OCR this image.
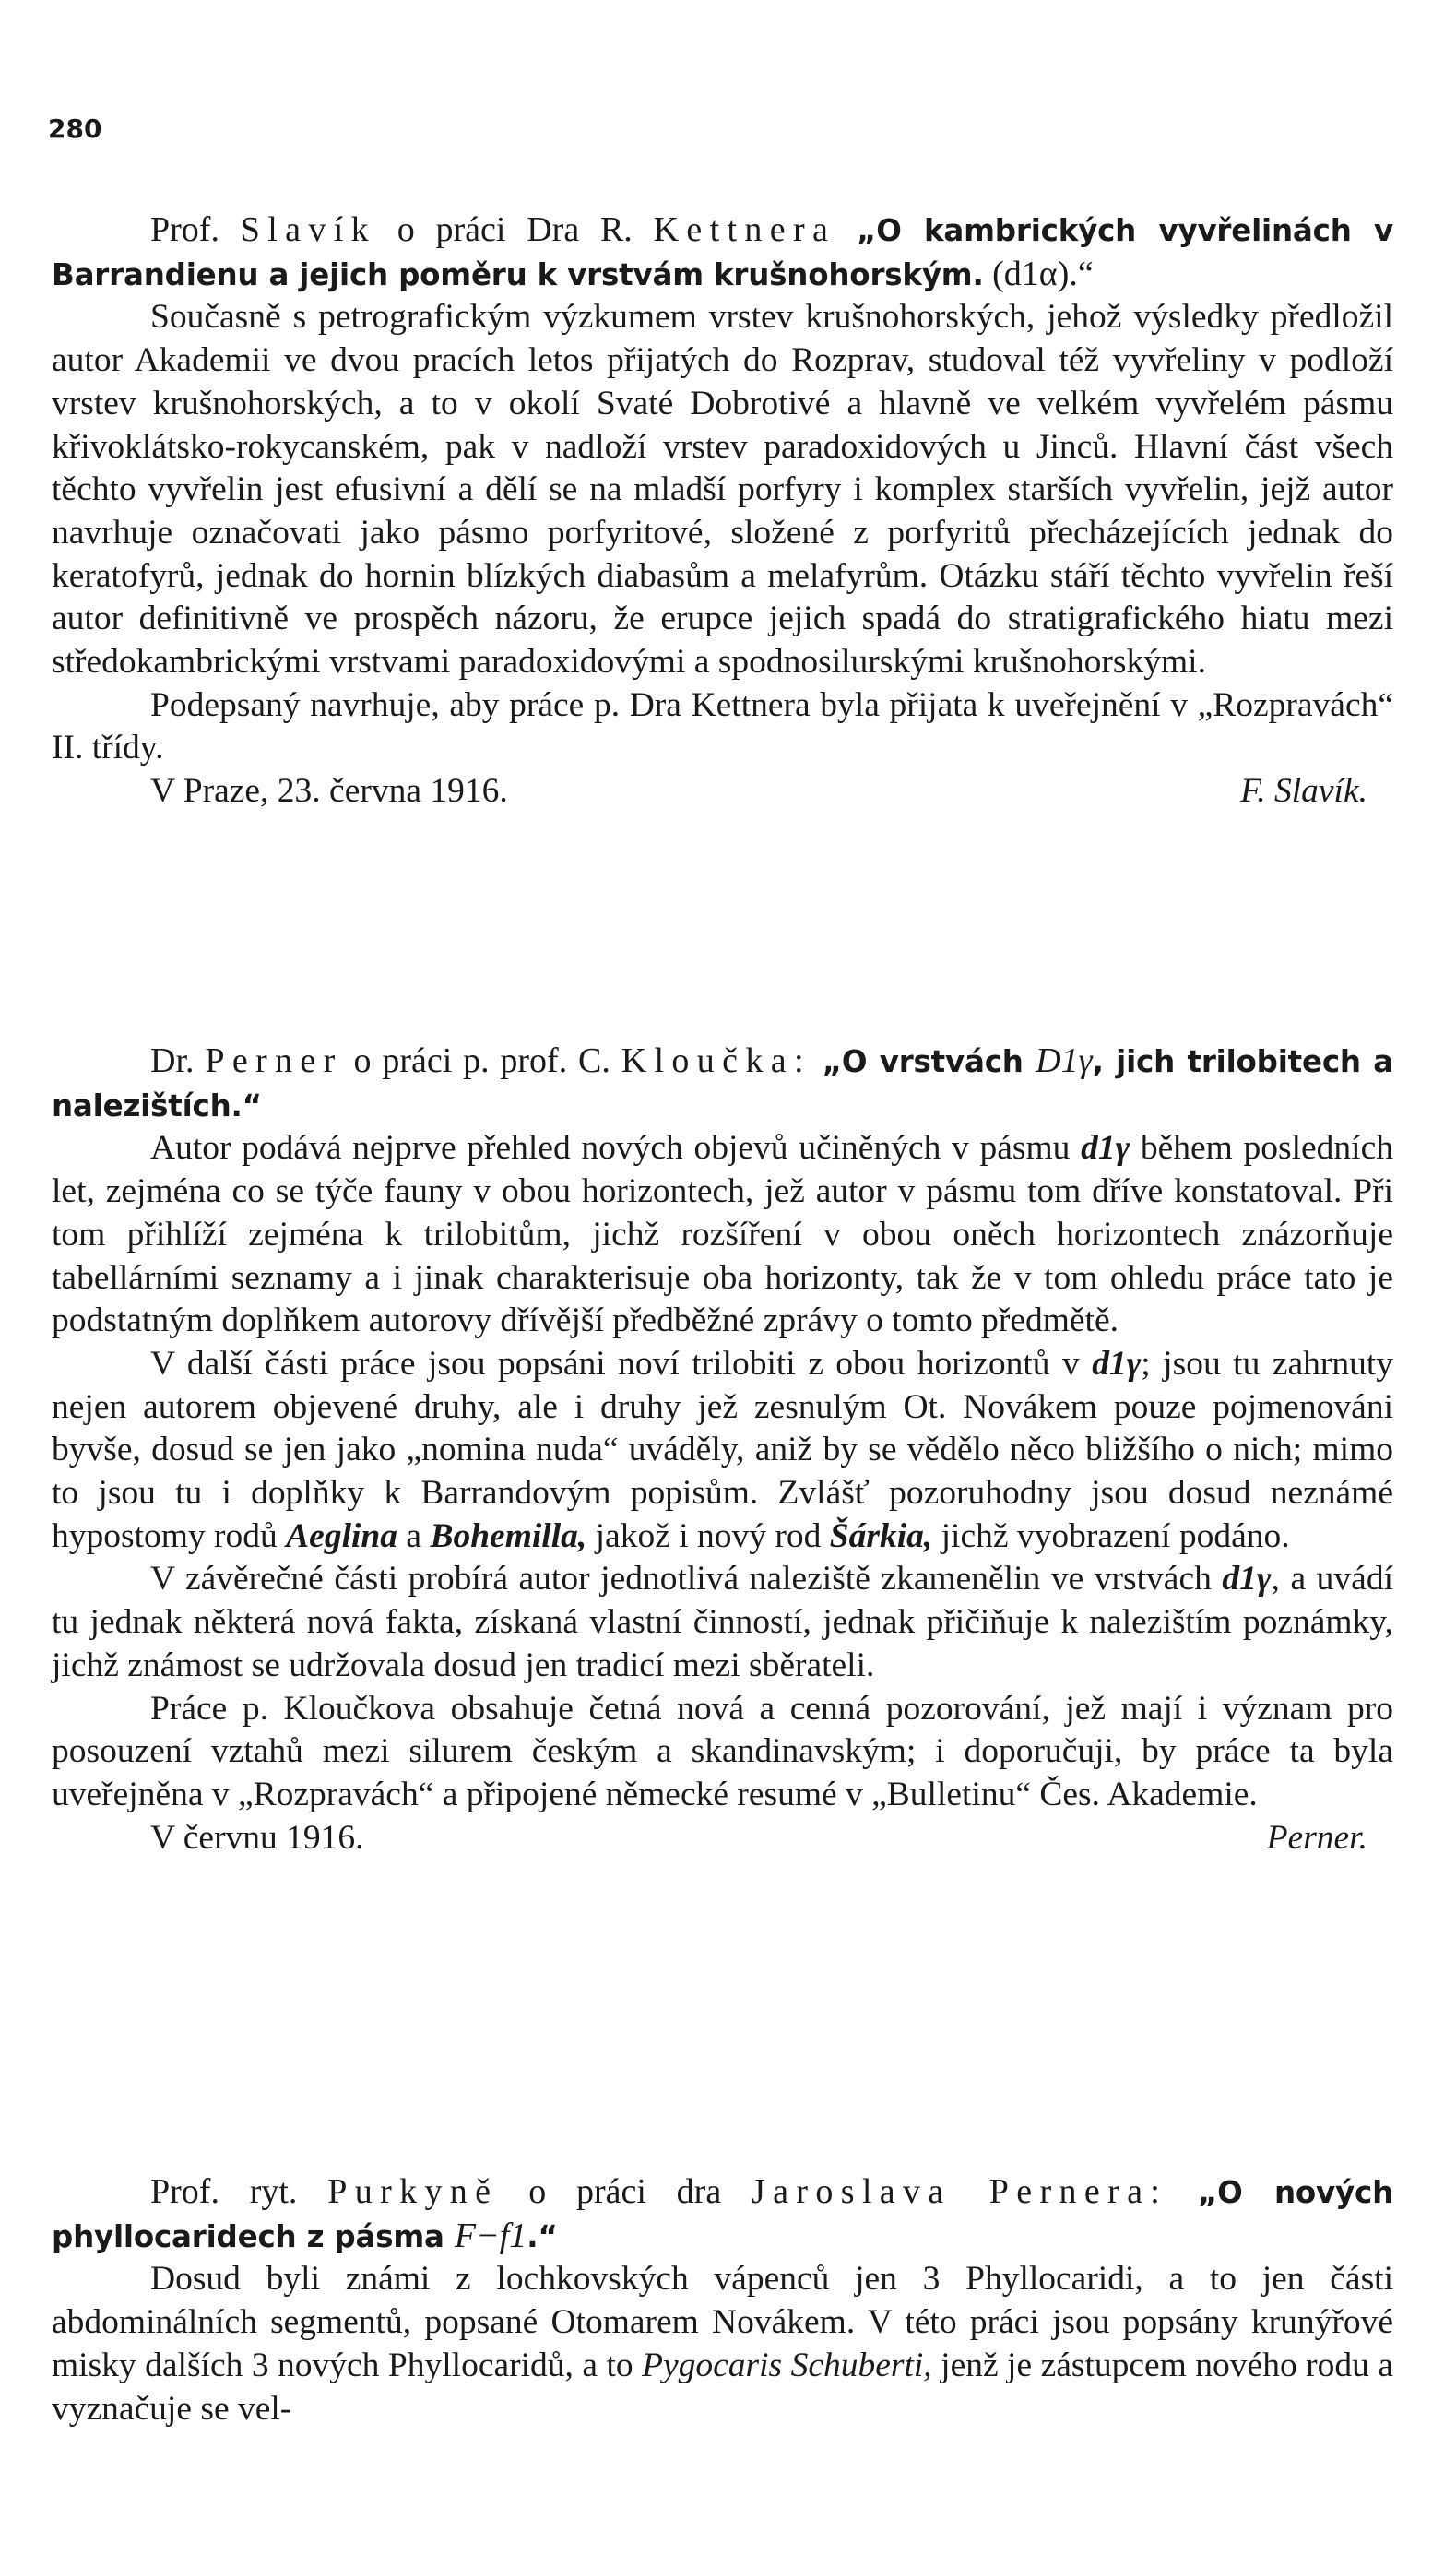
280

Prof. Slavík o práci Dra R. Kettnera „O kambrických vyvřelinách v Barrandienu a jejich poměru k vrstvám krušnohorským. (d1α).“

Současně s petrografickým výzkumem vrstev krušnohorských, jehož výsledky předložil autor Akademii ve dvou pracích letos přijatých do Rozprav, studoval též vyvřeliny v podloží vrstev krušnohorských, a to v okolí Svaté Dobrotivé a hlavně ve velkém vyvřelém pásmu křivoklátsko-rokycanském, pak v nadloží vrstev paradoxidových u Jinců. Hlavní část všech těchto vyvřelin jest efusivní a dělí se na mladší porfyry i komplex starších vyvřelin, jejž autor navrhuje označovati jako pásmo porfyritové, složené z porfyritů přecházejících jednak do keratofyrů, jednak do hornin blízkých diabasům a melafyrům. Otázku stáří těchto vyvřelin řeší autor definitivně ve prospěch názoru, že erupce jejich spadá do stratigrafického hiatu mezi středokambrickými vrstvami paradoxidovými a spodnosilurskými krušnohorskými.

Podepsaný navrhuje, aby práce p. Dra Kettnera byla přijata k uveřejnění v „Rozpravách“ II. třídy.

V Praze, 23. června 1916.	F. Slavík.

Dr. Perner o práci p. prof. C. Kloučka: „O vrstvách D1γ, jich trilobitech a nalezištích.“

Autor podává nejprve přehled nových objevů učiněných v pásmu d1γ během posledních let, zejména co se týče fauny v obou horizontech, jež autor v pásmu tom dříve konstatoval. Při tom přihlíží zejména k trilobitům, jichž rozšíření v obou oněch horizontech znázorňuje tabellárními seznamy a i jinak charakterisuje oba horizonty, tak že v tom ohledu práce tato je podstatným doplňkem autorovy dřívější předběžné zprávy o tomto předmětě.

V další části práce jsou popsáni noví trilobiti z obou horizontů v d1γ; jsou tu zahrnuty nejen autorem objevené druhy, ale i druhy jež zesnulým Ot. Novákem pouze pojmenováni byvše, dosud se jen jako „nomina nuda“ uváděly, aniž by se vědělo něco bližšího o nich; mimo to jsou tu i doplňky k Barrandovým popisům. Zvlášť pozoruhodny jsou dosud neznámé hypostomy rodů Aeglina a Bohemilla, jakož i nový rod Šárkia, jichž vyobrazení podáno.

V závěrečné části probírá autor jednotlivá naleziště zkamenělin ve vrstvách d1γ, a uvádí tu jednak některá nová fakta, získaná vlastní činností, jednak přičiňuje k nalezištím poznámky, jichž známost se udržovala dosud jen tradicí mezi sběrateli.

Práce p. Kloučkova obsahuje četná nová a cenná pozorování, jež mají i význam pro posouzení vztahů mezi silurem českým a skandinavským; i doporučuji, by práce ta byla uveřejněna v „Rozpravách“ a připojené německé resumé v „Bulletinu“ Čes. Akademie.

V červnu 1916.	Perner.

Prof. ryt. Purkyně o práci dra Jaroslava Pernera: „O nových phyllocaridech z pásma F−f1.“

Dosud byli známi z lochkovských vápenců jen 3 Phyllocaridi, a to jen části abdominálních segmentů, popsané Otomarem Novákem. V této práci jsou popsány krunýřové misky dalších 3 nových Phyllocaridů, a to Pygocaris Schuberti, jenž je zástupcem nového rodu a vyznačuje se vel-
